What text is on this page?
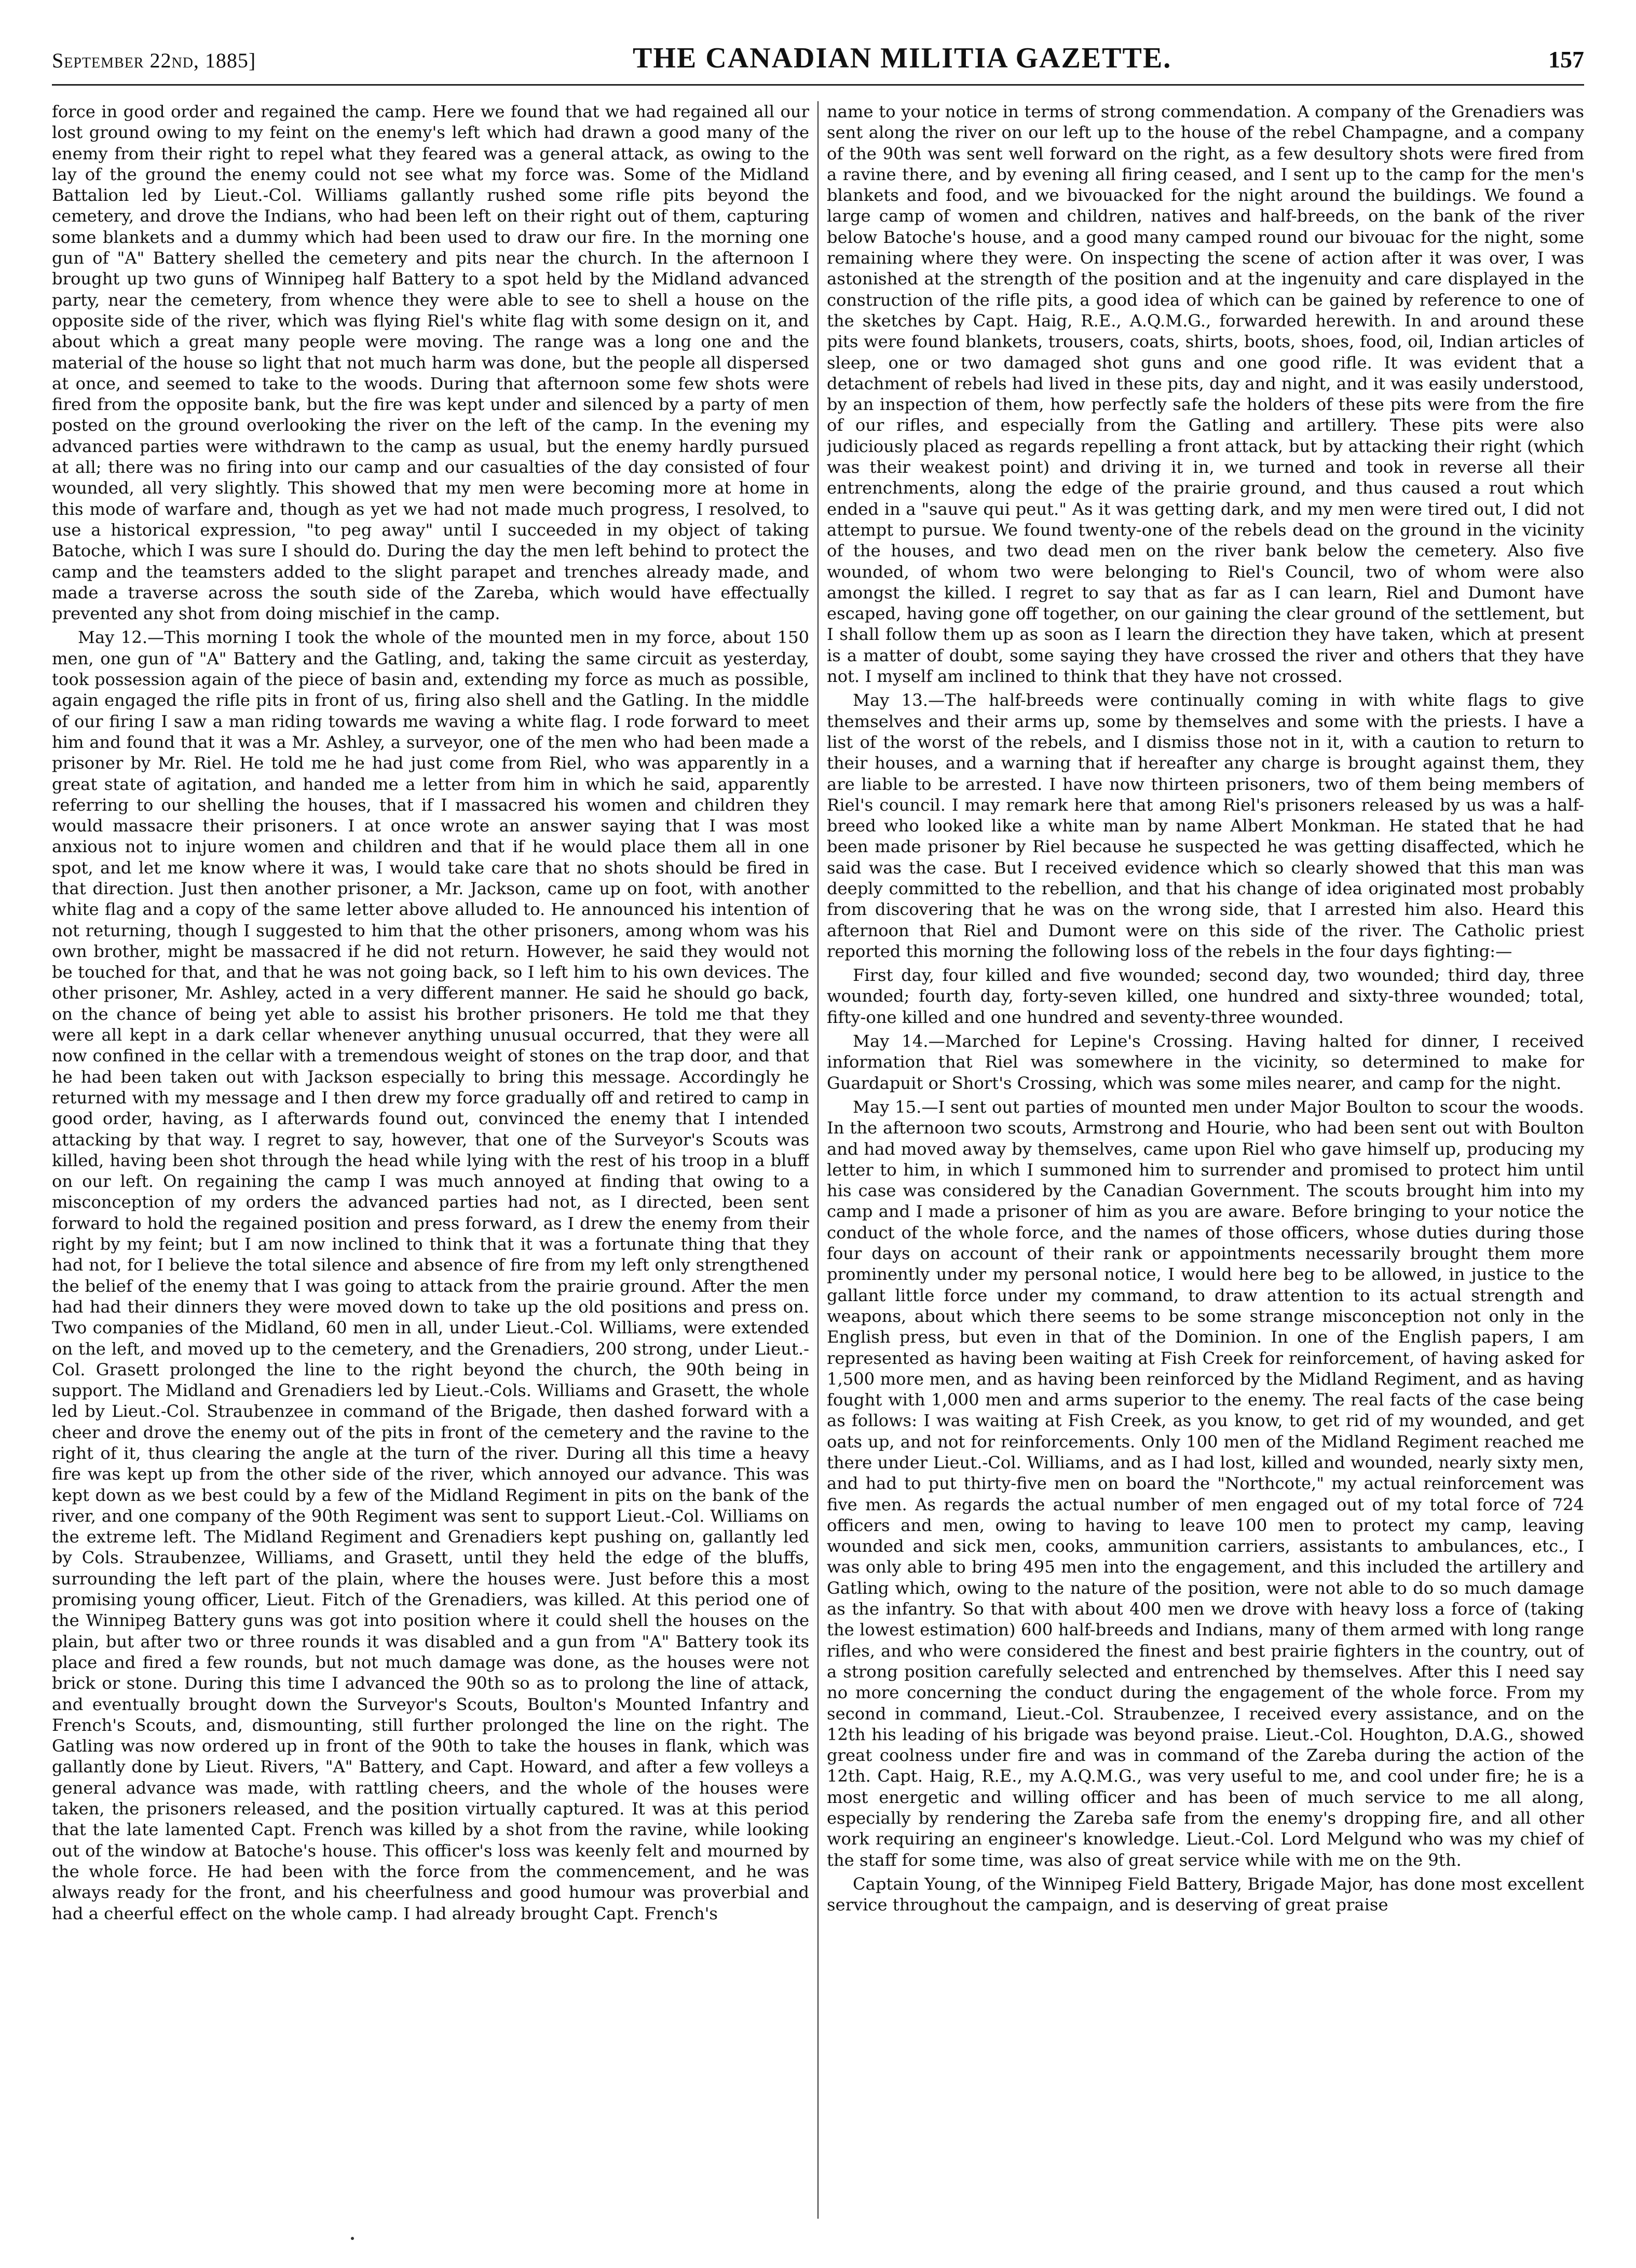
September 22nd, 1885]	THE CANADIAN MILITIA GAZETTE.	157

force in good order and regained the camp. Here we found that we had regained all our lost ground owing to my feint on the enemy's left which had drawn a good many of the enemy from their right to repel what they feared was a general attack, as owing to the lay of the ground the enemy could not see what my force was. Some of the Midland Battalion led by Lieut.-Col. Williams gallantly rushed some rifle pits beyond the cemetery, and drove the Indians, who had been left on their right out of them, capturing some blankets and a dummy which had been used to draw our fire. In the morning one gun of "A" Battery shelled the cemetery and pits near the church. In the afternoon I brought up two guns of Winnipeg half Battery to a spot held by the Midland advanced party, near the cemetery, from whence they were able to see to shell a house on the opposite side of the river, which was flying Riel's white flag with some design on it, and about which a great many people were moving. The range was a long one and the material of the house so light that not much harm was done, but the people all dispersed at once, and seemed to take to the woods. During that afternoon some few shots were fired from the opposite bank, but the fire was kept under and silenced by a party of men posted on the ground overlooking the river on the left of the camp. In the evening my advanced parties were withdrawn to the camp as usual, but the enemy hardly pursued at all; there was no firing into our camp and our casualties of the day consisted of four wounded, all very slightly. This showed that my men were becoming more at home in this mode of warfare and, though as yet we had not made much progress, I resolved, to use a historical expression, "to peg away" until I succeeded in my object of taking Batoche, which I was sure I should do. During the day the men left behind to protect the camp and the teamsters added to the slight parapet and trenches already made, and made a traverse across the south side of the Zareba, which would have effectually prevented any shot from doing mischief in the camp.

May 12.—This morning I took the whole of the mounted men in my force, about 150 men, one gun of "A" Battery and the Gatling, and, taking the same circuit as yesterday, took possession again of the piece of basin and, extending my force as much as possible, again engaged the rifle pits in front of us, firing also shell and the Gatling. In the middle of our firing I saw a man riding towards me waving a white flag. I rode forward to meet him and found that it was a Mr. Ashley, a surveyor, one of the men who had been made a prisoner by Mr. Riel. He told me he had just come from Riel, who was apparently in a great state of agitation, and handed me a letter from him in which he said, apparently referring to our shelling the houses, that if I massacred his women and children they would massacre their prisoners. I at once wrote an answer saying that I was most anxious not to injure women and children and that if he would place them all in one spot, and let me know where it was, I would take care that no shots should be fired in that direction. Just then another prisoner, a Mr. Jackson, came up on foot, with another white flag and a copy of the same letter above alluded to. He announced his intention of not returning, though I suggested to him that the other prisoners, among whom was his own brother, might be massacred if he did not return. However, he said they would not be touched for that, and that he was not going back, so I left him to his own devices. The other prisoner, Mr. Ashley, acted in a very different manner. He said he should go back, on the chance of being yet able to assist his brother prisoners. He told me that they were all kept in a dark cellar whenever anything unusual occurred, that they were all now confined in the cellar with a tremendous weight of stones on the trap door, and that he had been taken out with Jackson especially to bring this message. Accordingly he returned with my message and I then drew my force gradually off and retired to camp in good order, having, as I afterwards found out, convinced the enemy that I intended attacking by that way. I regret to say, however, that one of the Surveyor's Scouts was killed, having been shot through the head while lying with the rest of his troop in a bluff on our left. On regaining the camp I was much annoyed at finding that owing to a misconception of my orders the advanced parties had not, as I directed, been sent forward to hold the regained position and press forward, as I drew the enemy from their right by my feint; but I am now inclined to think that it was a fortunate thing that they had not, for I believe the total silence and absence of fire from my left only strengthened the belief of the enemy that I was going to attack from the prairie ground. After the men had had their dinners they were moved down to take up the old positions and press on. Two companies of the Midland, 60 men in all, under Lieut.-Col. Williams, were extended on the left, and moved up to the cemetery, and the Grenadiers, 200 strong, under Lieut.-Col. Grasett prolonged the line to the right beyond the church, the 90th being in support. The Midland and Grenadiers led by Lieut.-Cols. Williams and Grasett, the whole led by Lieut.-Col. Straubenzee in command of the Brigade, then dashed forward with a cheer and drove the enemy out of the pits in front of the cemetery and the ravine to the right of it, thus clearing the angle at the turn of the river. During all this time a heavy fire was kept up from the other side of the river, which annoyed our advance. This was kept down as we best could by a few of the Midland Regiment in pits on the bank of the river, and one company of the 90th Regiment was sent to support Lieut.-Col. Williams on the extreme left. The Midland Regiment and Grenadiers kept pushing on, gallantly led by Cols. Straubenzee, Williams, and Grasett, until they held the edge of the bluffs, surrounding the left part of the plain, where the houses were. Just before this a most promising young officer, Lieut. Fitch of the Grenadiers, was killed. At this period one of the Winnipeg Battery guns was got into position where it could shell the houses on the plain, but after two or three rounds it was disabled and a gun from "A" Battery took its place and fired a few rounds, but not much damage was done, as the houses were not brick or stone. During this time I advanced the 90th so as to prolong the line of attack, and eventually brought down the Surveyor's Scouts, Boulton's Mounted Infantry and French's Scouts, and, dismounting, still further prolonged the line on the right. The Gatling was now ordered up in front of the 90th to take the houses in flank, which was gallantly done by Lieut. Rivers, "A" Battery, and Capt. Howard, and after a few volleys a general advance was made, with rattling cheers, and the whole of the houses were taken, the prisoners released, and the position virtually captured. It was at this period that the late lamented Capt. French was killed by a shot from the ravine, while looking out of the window at Batoche's house. This officer's loss was keenly felt and mourned by the whole force. He had been with the force from the commencement, and he was always ready for the front, and his cheerfulness and good humour was proverbial and had a cheerful effect on the whole camp. I had already brought Capt. French's

name to your notice in terms of strong commendation. A company of the Grenadiers was sent along the river on our left up to the house of the rebel Champagne, and a company of the 90th was sent well forward on the right, as a few desultory shots were fired from a ravine there, and by evening all firing ceased, and I sent up to the camp for the men's blankets and food, and we bivouacked for the night around the buildings. We found a large camp of women and children, natives and half-breeds, on the bank of the river below Batoche's house, and a good many camped round our bivouac for the night, some remaining where they were. On inspecting the scene of action after it was over, I was astonished at the strength of the position and at the ingenuity and care displayed in the construction of the rifle pits, a good idea of which can be gained by reference to one of the sketches by Capt. Haig, R.E., A.Q.M.G., forwarded herewith. In and around these pits were found blankets, trousers, coats, shirts, boots, shoes, food, oil, Indian articles of sleep, one or two damaged shot guns and one good rifle. It was evident that a detachment of rebels had lived in these pits, day and night, and it was easily understood, by an inspection of them, how perfectly safe the holders of these pits were from the fire of our rifles, and especially from the Gatling and artillery. These pits were also judiciously placed as regards repelling a front attack, but by attacking their right (which was their weakest point) and driving it in, we turned and took in reverse all their entrenchments, along the edge of the prairie ground, and thus caused a rout which ended in a "sauve qui peut." As it was getting dark, and my men were tired out, I did not attempt to pursue. We found twenty-one of the rebels dead on the ground in the vicinity of the houses, and two dead men on the river bank below the cemetery. Also five wounded, of whom two were belonging to Riel's Council, two of whom were also amongst the killed. I regret to say that as far as I can learn, Riel and Dumont have escaped, having gone off together, on our gaining the clear ground of the settlement, but I shall follow them up as soon as I learn the direction they have taken, which at present is a matter of doubt, some saying they have crossed the river and others that they have not. I myself am inclined to think that they have not crossed.

May 13.—The half-breeds were continually coming in with white flags to give themselves and their arms up, some by themselves and some with the priests. I have a list of the worst of the rebels, and I dismiss those not in it, with a caution to return to their houses, and a warning that if hereafter any charge is brought against them, they are liable to be arrested. I have now thirteen prisoners, two of them being members of Riel's council. I may remark here that among Riel's prisoners released by us was a half-breed who looked like a white man by name Albert Monkman. He stated that he had been made prisoner by Riel because he suspected he was getting disaffected, which he said was the case. But I received evidence which so clearly showed that this man was deeply committed to the rebellion, and that his change of idea originated most probably from discovering that he was on the wrong side, that I arrested him also. Heard this afternoon that Riel and Dumont were on this side of the river. The Catholic priest reported this morning the following loss of the rebels in the four days fighting:—

First day, four killed and five wounded; second day, two wounded; third day, three wounded; fourth day, forty-seven killed, one hundred and sixty-three wounded; total, fifty-one killed and one hundred and seventy-three wounded.

May 14.—Marched for Lepine's Crossing. Having halted for dinner, I received information that Riel was somewhere in the vicinity, so determined to make for Guardapuit or Short's Crossing, which was some miles nearer, and camp for the night.

May 15.—I sent out parties of mounted men under Major Boulton to scour the woods. In the afternoon two scouts, Armstrong and Hourie, who had been sent out with Boulton and had moved away by themselves, came upon Riel who gave himself up, producing my letter to him, in which I summoned him to surrender and promised to protect him until his case was considered by the Canadian Government. The scouts brought him into my camp and I made a prisoner of him as you are aware. Before bringing to your notice the conduct of the whole force, and the names of those officers, whose duties during those four days on account of their rank or appointments necessarily brought them more prominently under my personal notice, I would here beg to be allowed, in justice to the gallant little force under my command, to draw attention to its actual strength and weapons, about which there seems to be some strange misconception not only in the English press, but even in that of the Dominion. In one of the English papers, I am represented as having been waiting at Fish Creek for reinforcement, of having asked for 1,500 more men, and as having been reinforced by the Midland Regiment, and as having fought with 1,000 men and arms superior to the enemy. The real facts of the case being as follows: I was waiting at Fish Creek, as you know, to get rid of my wounded, and get oats up, and not for reinforcements. Only 100 men of the Midland Regiment reached me there under Lieut.-Col. Williams, and as I had lost, killed and wounded, nearly sixty men, and had to put thirty-five men on board the "Northcote," my actual reinforcement was five men. As regards the actual number of men engaged out of my total force of 724 officers and men, owing to having to leave 100 men to protect my camp, leaving wounded and sick men, cooks, ammunition carriers, assistants to ambulances, etc., I was only able to bring 495 men into the engagement, and this included the artillery and Gatling which, owing to the nature of the position, were not able to do so much damage as the infantry. So that with about 400 men we drove with heavy loss a force of (taking the lowest estimation) 600 half-breeds and Indians, many of them armed with long range rifles, and who were considered the finest and best prairie fighters in the country, out of a strong position carefully selected and entrenched by themselves. After this I need say no more concerning the conduct during the engagement of the whole force. From my second in command, Lieut.-Col. Straubenzee, I received every assistance, and on the 12th his leading of his brigade was beyond praise. Lieut.-Col. Houghton, D.A.G., showed great coolness under fire and was in command of the Zareba during the action of the 12th. Capt. Haig, R.E., my A.Q.M.G., was very useful to me, and cool under fire; he is a most energetic and willing officer and has been of much service to me all along, especially by rendering the Zareba safe from the enemy's dropping fire, and all other work requiring an engineer's knowledge. Lieut.-Col. Lord Melgund who was my chief of the staff for some time, was also of great service while with me on the 9th.

Captain Young, of the Winnipeg Field Battery, Brigade Major, has done most excellent service throughout the campaign, and is deserving of great praise
